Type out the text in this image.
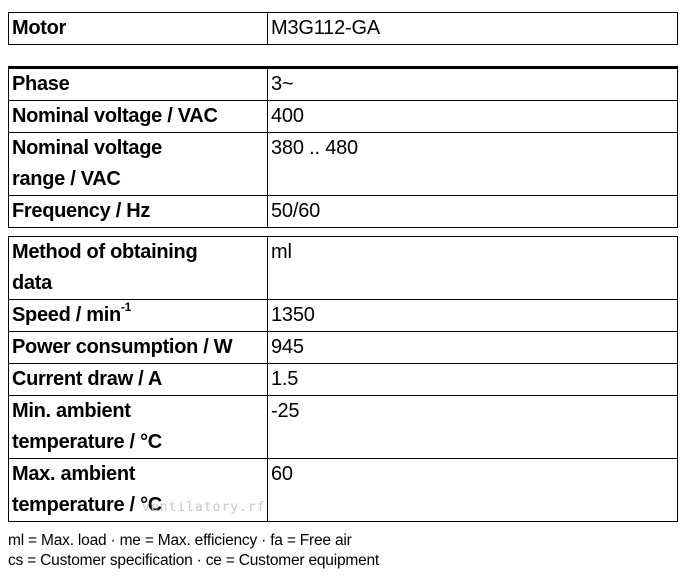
Motor	M3G112-GA
Phase	3~
Nominal voltage / VAC	400
Nominal voltage
range / VAC	380 .. 480
Frequency / Hz	50/60
Method of obtaining
data	ml
Speed / $\min^{-1}$	1350
Power consumption / W	945
Current draw / A	1.5
Min. ambient
temperature / °C	-25
Max. ambient
temperature / °C	60
ventilatory.rf
ml = Max. load · me = Max. efficiency · fa = Free air
cs = Customer specification · ce = Customer equipment
